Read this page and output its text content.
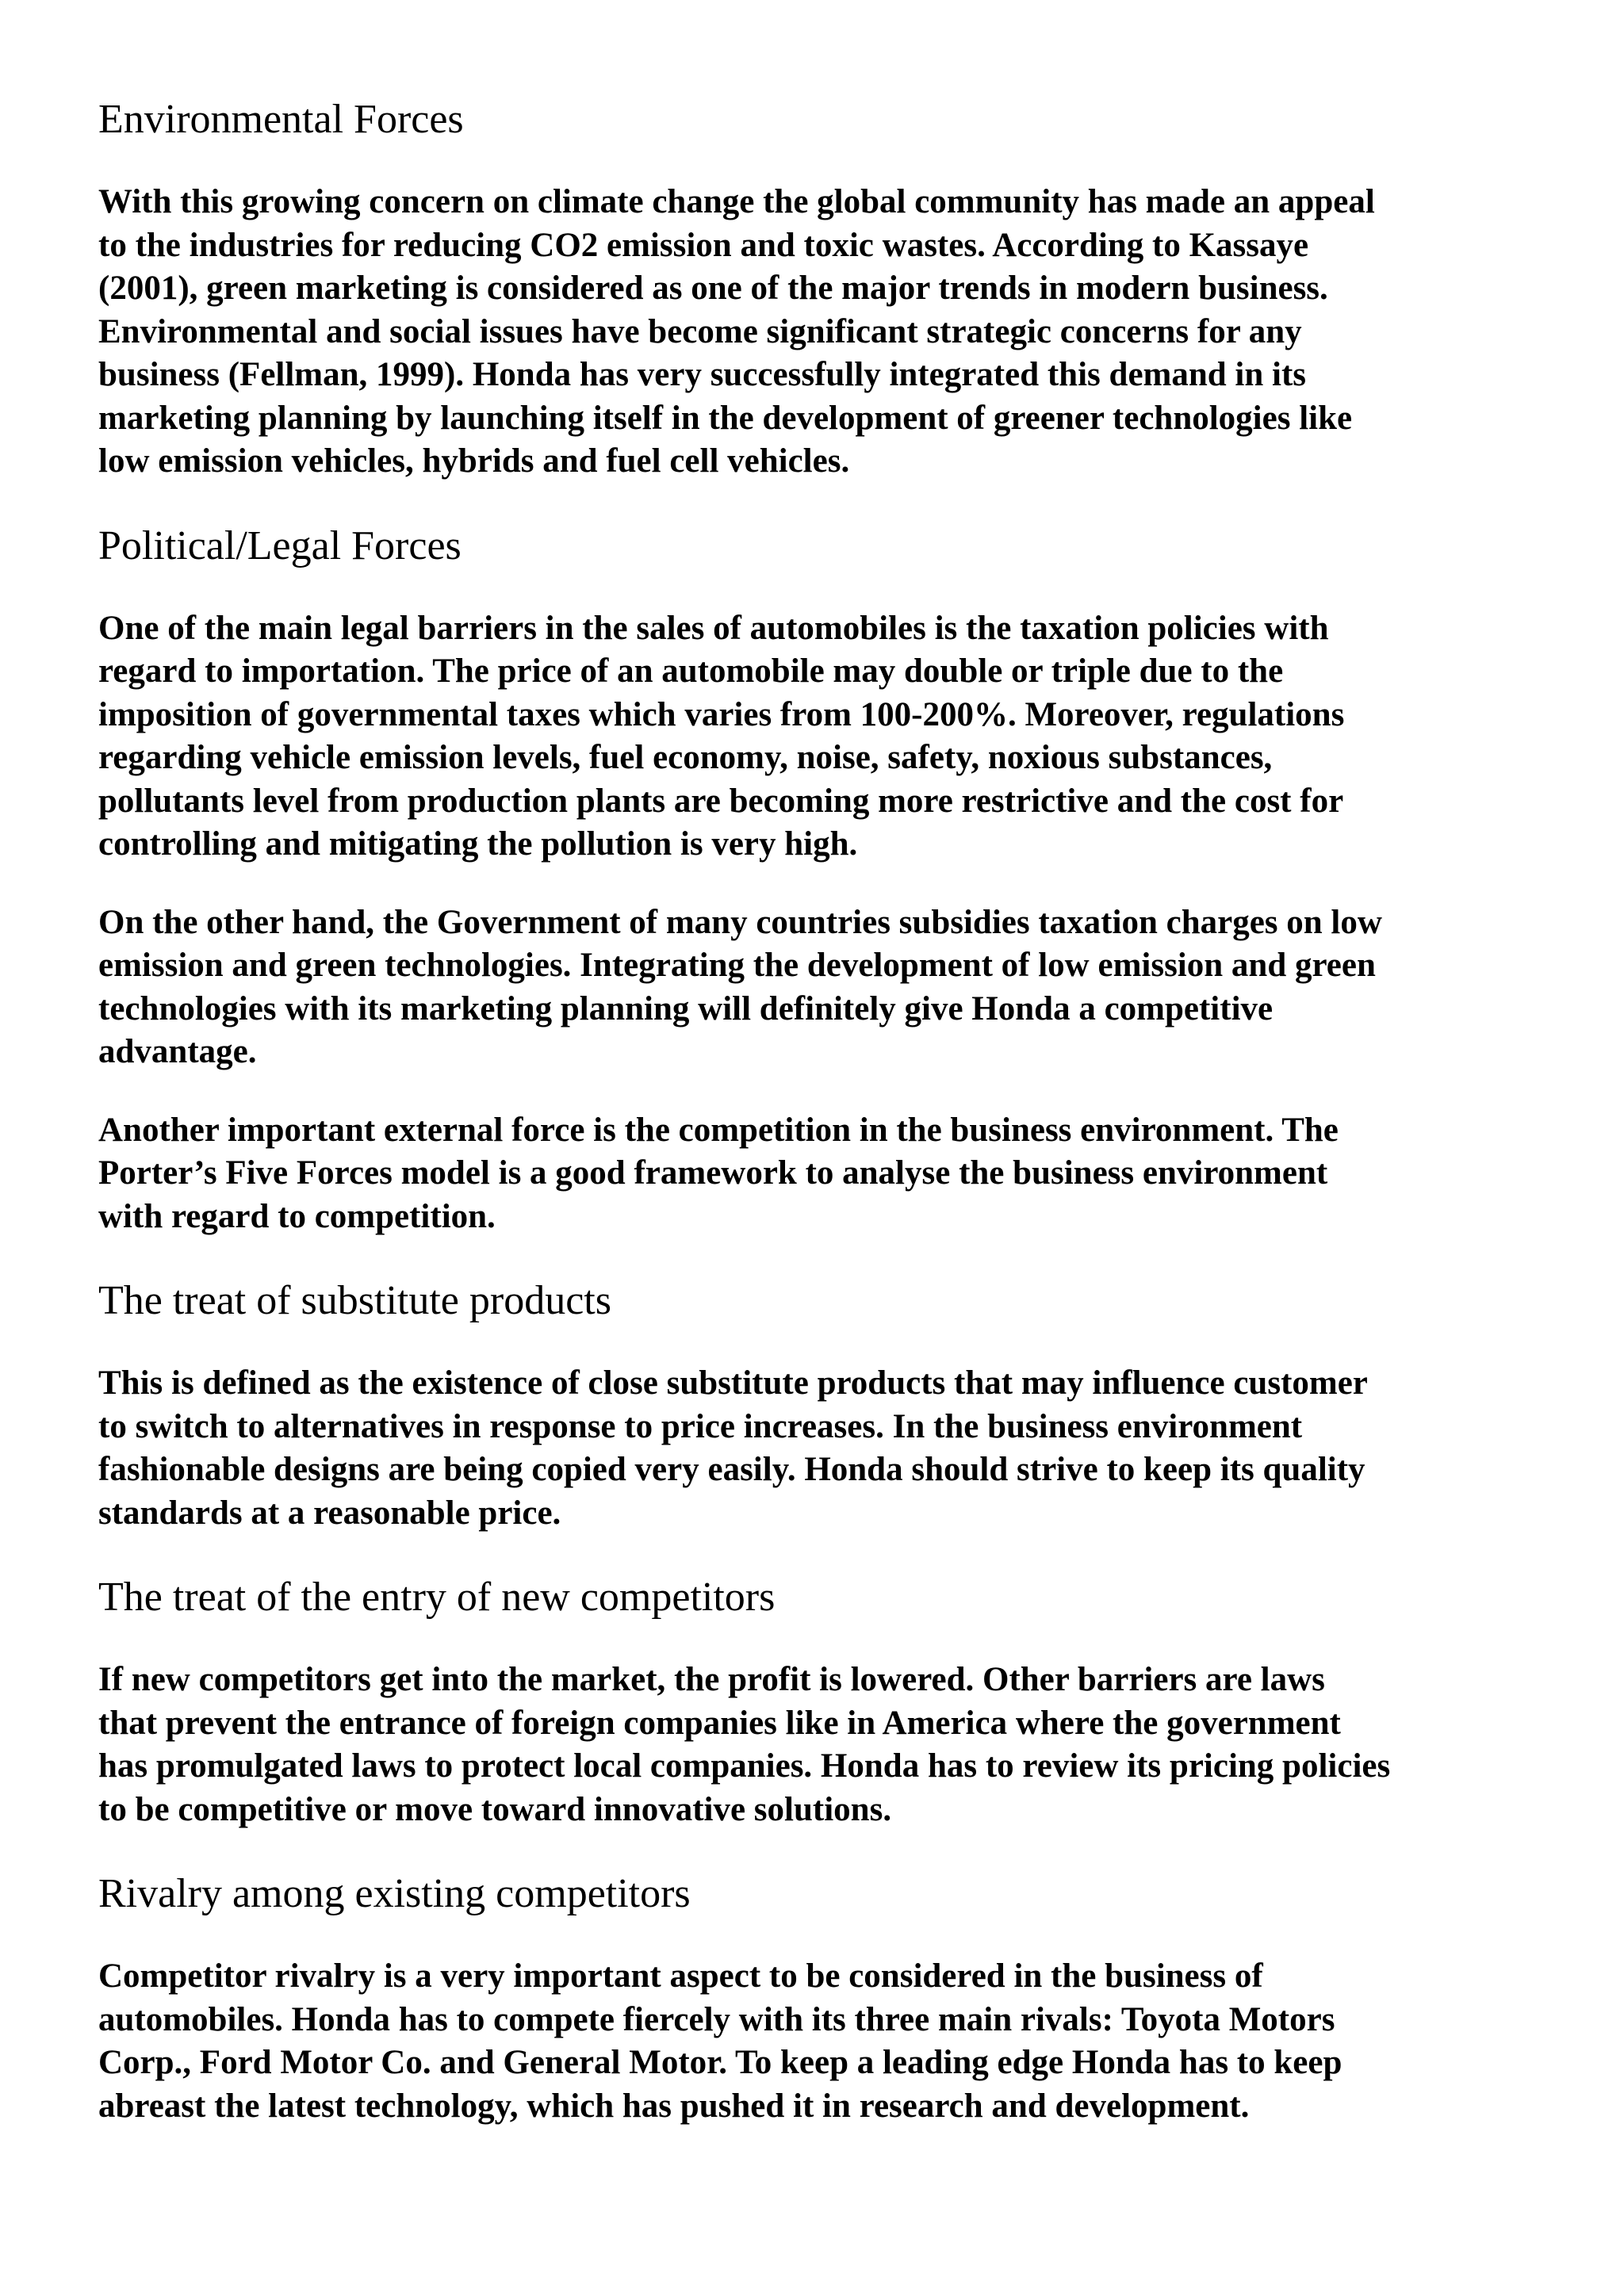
Environmental Forces

With this growing concern on climate change the global community has made an appeal
to the industries for reducing CO2 emission and toxic wastes. According to Kassaye
(2001), green marketing is considered as one of the major trends in modern business.
Environmental and social issues have become significant strategic concerns for any
business (Fellman, 1999). Honda has very successfully integrated this demand in its
marketing planning by launching itself in the development of greener technologies like
low emission vehicles, hybrids and fuel cell vehicles.

Political/Legal Forces

One of the main legal barriers in the sales of automobiles is the taxation policies with
regard to importation. The price of an automobile may double or triple due to the
imposition of governmental taxes which varies from 100-200%. Moreover, regulations
regarding vehicle emission levels, fuel economy, noise, safety, noxious substances,
pollutants level from production plants are becoming more restrictive and the cost for
controlling and mitigating the pollution is very high.

On the other hand, the Government of many countries subsidies taxation charges on low
emission and green technologies. Integrating the development of low emission and green
technologies with its marketing planning will definitely give Honda a competitive
advantage.

Another important external force is the competition in the business environment. The
Porter’s Five Forces model is a good framework to analyse the business environment
with regard to competition.

The treat of substitute products

This is defined as the existence of close substitute products that may influence customer
to switch to alternatives in response to price increases. In the business environment
fashionable designs are being copied very easily. Honda should strive to keep its quality
standards at a reasonable price.

The treat of the entry of new competitors

If new competitors get into the market, the profit is lowered. Other barriers are laws
that prevent the entrance of foreign companies like in America where the government
has promulgated laws to protect local companies. Honda has to review its pricing policies
to be competitive or move toward innovative solutions.

Rivalry among existing competitors

Competitor rivalry is a very important aspect to be considered in the business of
automobiles. Honda has to compete fiercely with its three main rivals: Toyota Motors
Corp., Ford Motor Co. and General Motor. To keep a leading edge Honda has to keep
abreast the latest technology, which has pushed it in research and development.
